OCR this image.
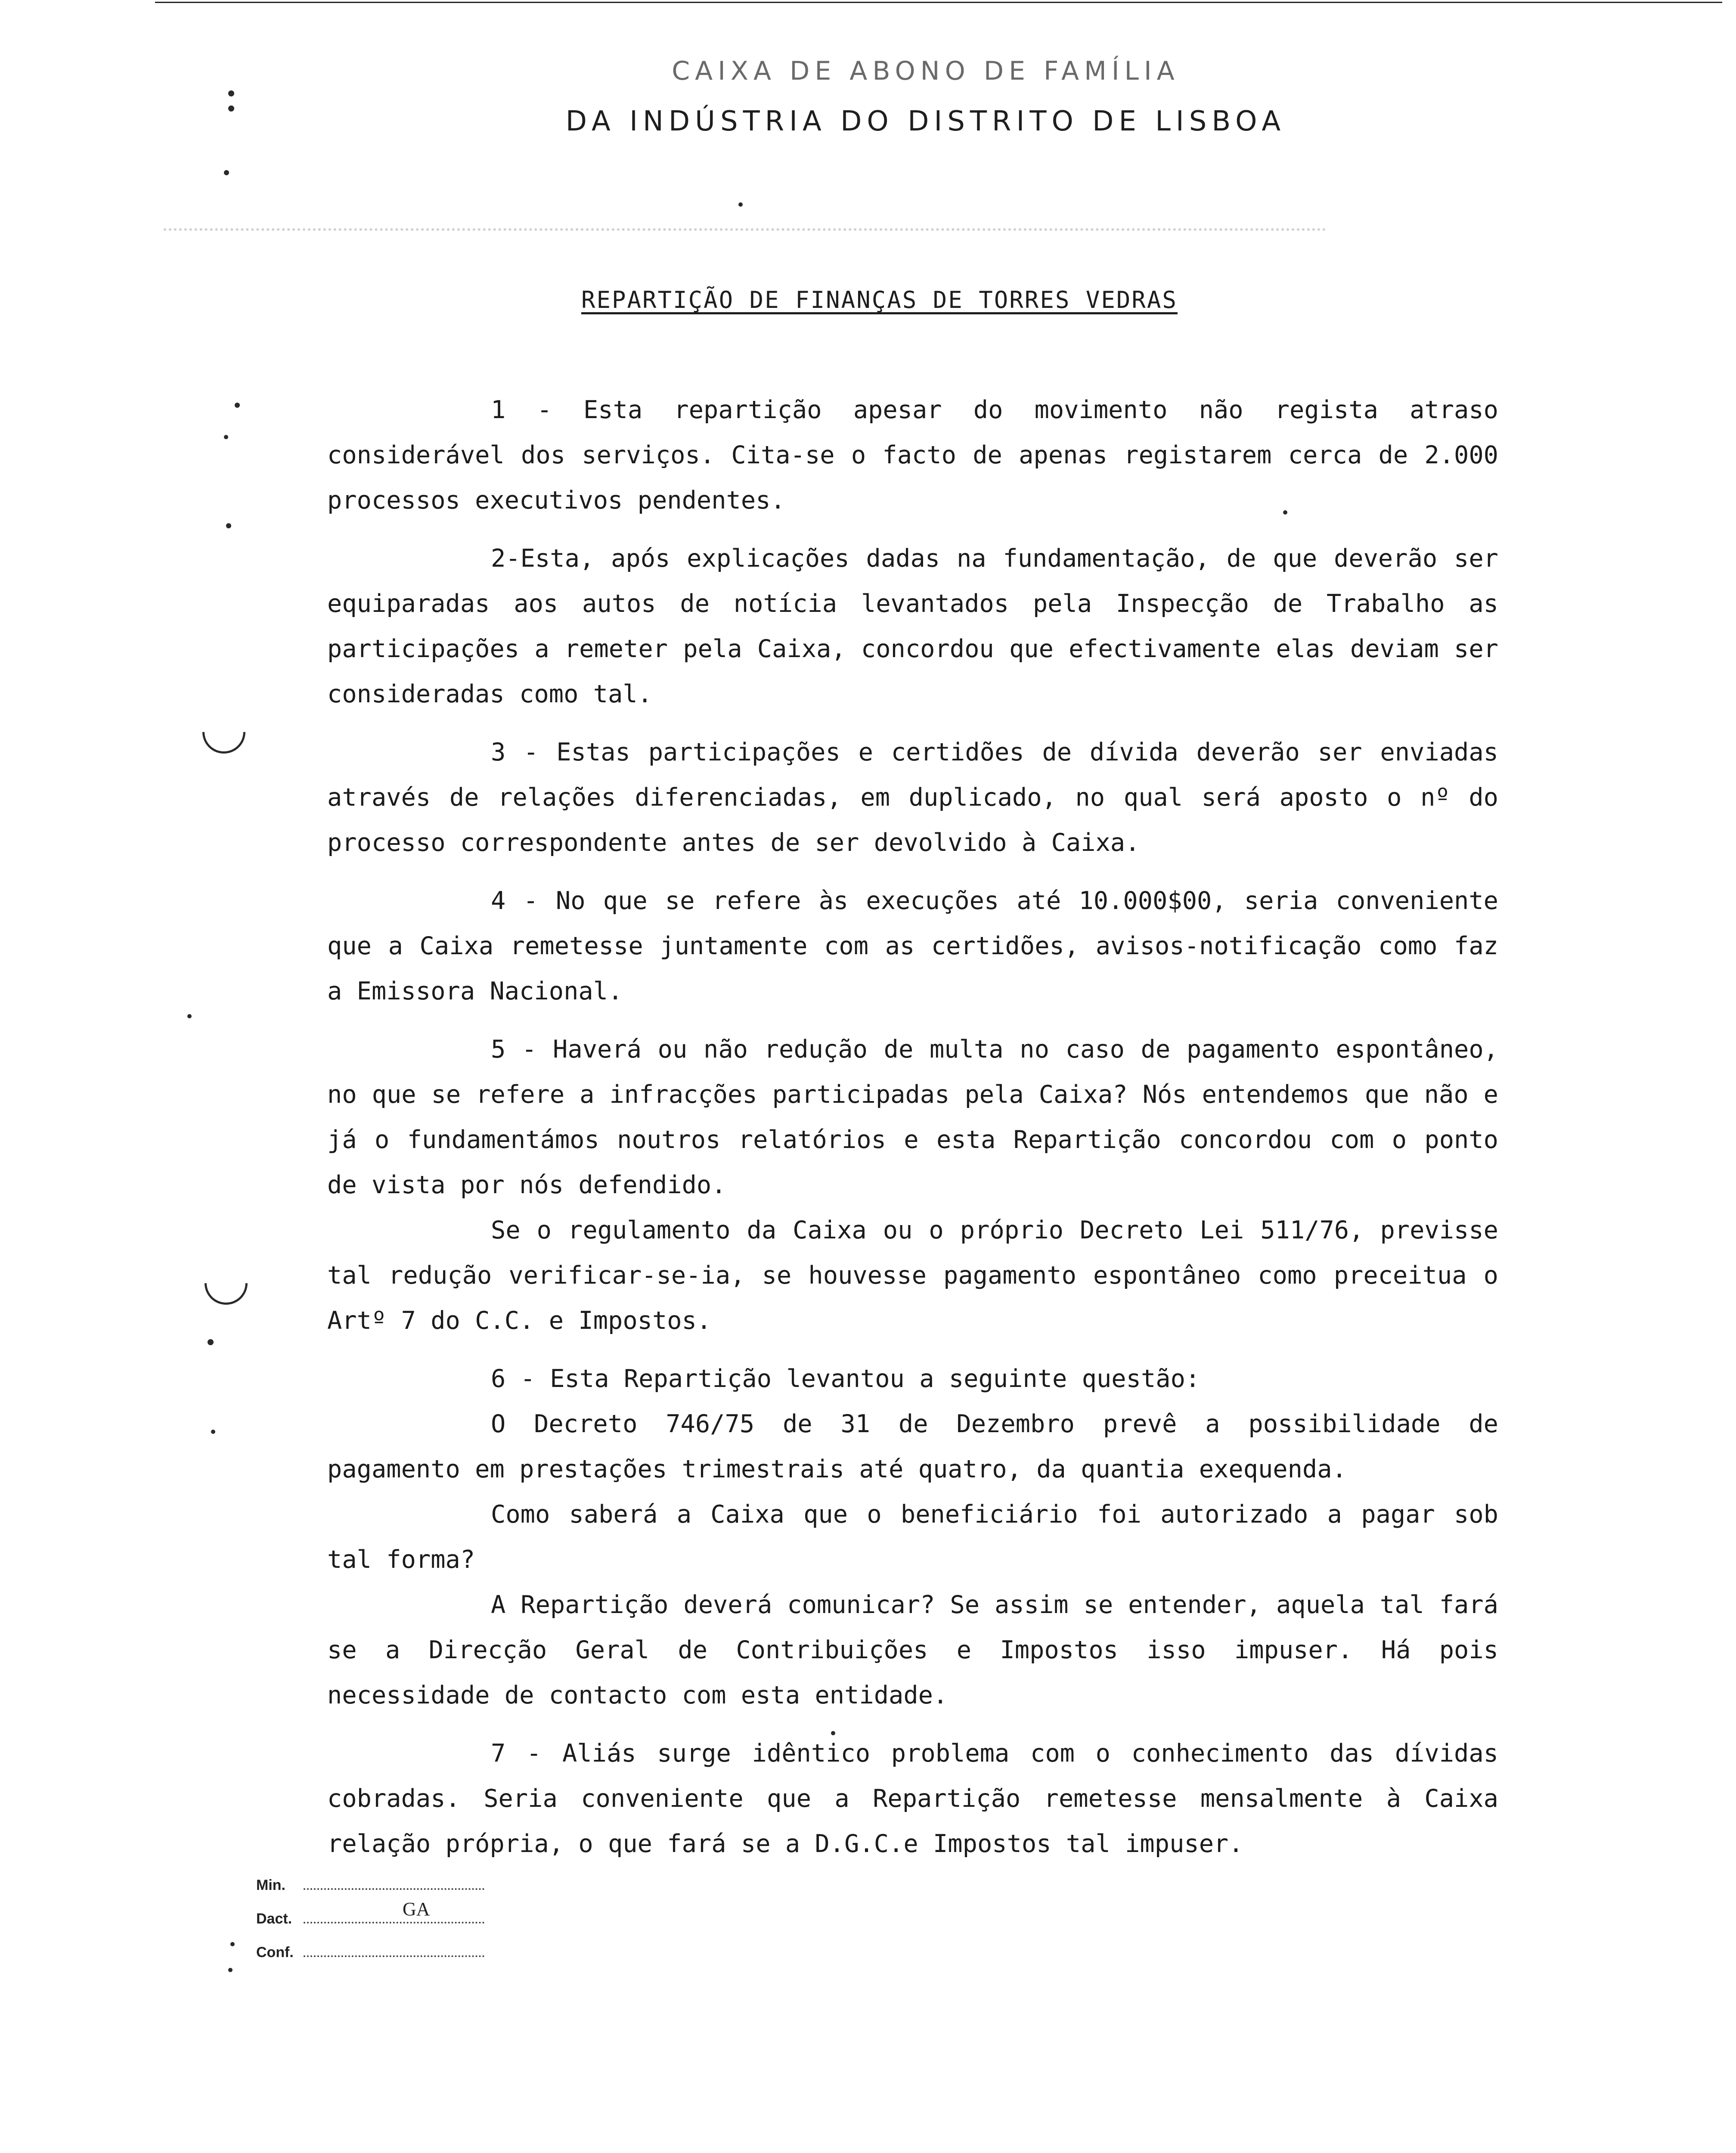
CAIXA DE ABONO DE FAMÍLIA
DA INDÚSTRIA DO DISTRITO DE LISBOA
REPARTIÇÃO DE FINANÇAS DE TORRES VEDRAS

1 - Esta repartição apesar do movimento não regista atraso considerável dos serviços. Cita-se o facto de apenas registarem cerca de 2.000 processos executivos pendentes.

2-Esta, após explicações dadas na fundamentação, de que deverão ser equiparadas aos autos de notícia levantados pela Inspecção de Trabalho as participações a remeter pela Caixa, concordou que efectivamente elas deviam ser consideradas como tal.

3 - Estas participações e certidões de dívida deverão ser enviadas através de relações diferenciadas, em duplicado, no qual será aposto o nº do processo correspondente antes de ser devolvido à Caixa.

4 - No que se refere às execuções até 10.000$00, seria conveniente que a Caixa remetesse juntamente com as certidões, avisos-notificação como faz a Emissora Nacional.

5 - Haverá ou não redução de multa no caso de pagamento espontâneo, no que se refere a infracções participadas pela Caixa? Nós entendemos que não e já o fundamentámos noutros relatórios e esta Repartição concordou com o ponto de vista por nós defendido.

Se o regulamento da Caixa ou o próprio Decreto Lei 511/76, previsse tal redução verificar-se-ia, se houvesse pagamento espontâneo como preceitua o Artº 7 do C.C. e Impostos.

6 - Esta Repartição levantou a seguinte questão:

O Decreto 746/75 de 31 de Dezembro prevê a possibilidade de pagamento em prestações trimestrais até quatro, da quantia exequenda.

Como saberá a Caixa que o beneficiário foi autorizado a pagar sob tal forma?

A Repartição deverá comunicar? Se assim se entender, aquela tal fará se a Direcção Geral de Contribuições e Impostos isso impuser. Há pois necessidade de contacto com esta entidade.

7 - Aliás surge idêntico problema com o conhecimento das dívidas cobradas. Seria conveniente que a Repartição remetesse mensalmente à Caixa relação própria, o que fará se a D.G.C.e Impostos tal impuser.

Min.
Dact.	GA
Conf.
